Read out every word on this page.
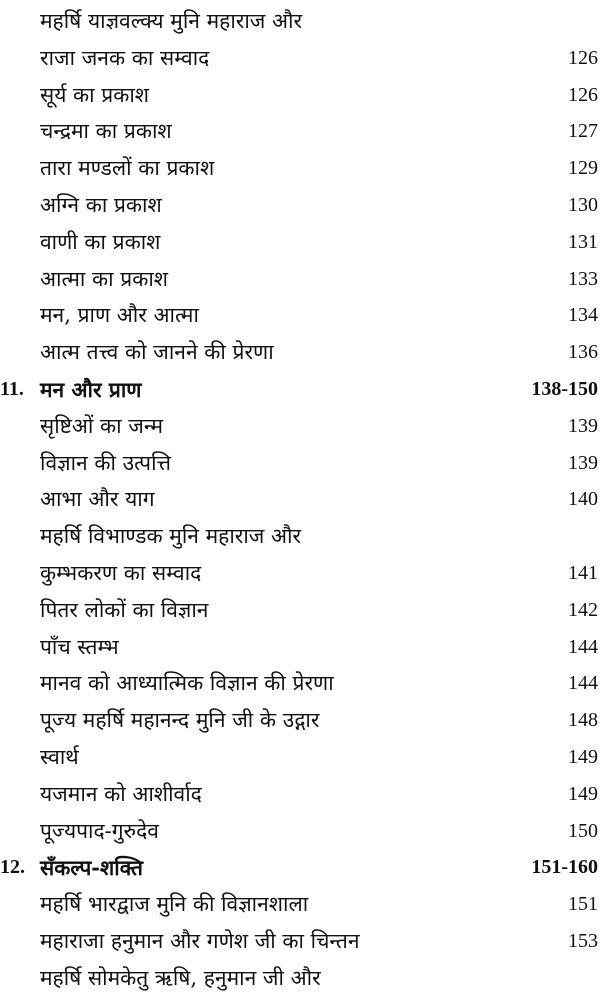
महर्षि याज्ञवल्क्य मुनि महाराज और
राजा जनक का सम्वाद	126
सूर्य का प्रकाश	126
चन्द्रमा का प्रकाश	127
तारा मण्डलों का प्रकाश	129
अग्नि का प्रकाश	130
वाणी का प्रकाश	131
आत्मा का प्रकाश	133
मन, प्राण और आत्मा	134
आत्म तत्त्व को जानने की प्रेरणा	136
11. मन और प्राण	138-150
सृष्टिओं का जन्म	139
विज्ञान की उत्पत्ति	139
आभा और याग	140
महर्षि विभाण्डक मुनि महाराज और
कुम्भकरण का सम्वाद	141
पितर लोकों का विज्ञान	142
पाँच स्तम्भ	144
मानव को आध्यात्मिक विज्ञान की प्रेरणा	144
पूज्य महर्षि महानन्द मुनि जी के उद्गार	148
स्वार्थ	149
यजमान को आशीर्वाद	149
पूज्यपाद-गुरुदेव	150
12. सँकल्प-शक्ति	151-160
महर्षि भारद्वाज मुनि की विज्ञानशाला	151
महाराजा हनुमान और गणेश जी का चिन्तन	153
महर्षि सोमकेतु ऋषि, हनुमान जी और
